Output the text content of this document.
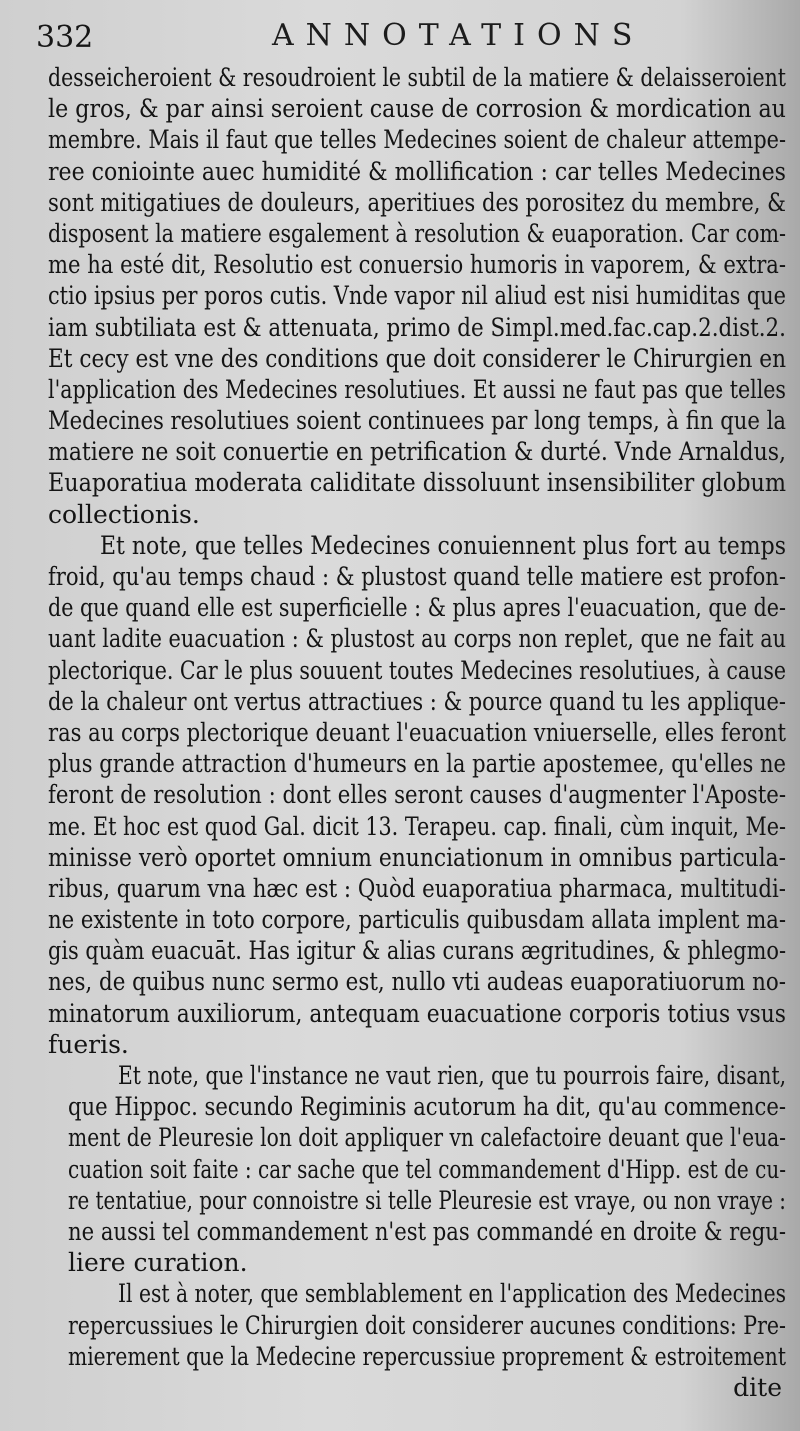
332	ANNOTATIONS
desseicheroient & resoudroient le subtil de la matiere & delaisseroient
le gros, & par ainsi seroient cause de corrosion & mordication au
membre. Mais il faut que telles Medecines soient de chaleur attempe-
ree coniointe auec humidité & mollification : car telles Medecines
sont mitigatiues de douleurs, aperitiues des porositez du membre, &
disposent la matiere esgalement à resolution & euaporation. Car com-
me ha esté dit, Resolutio est conuersio humoris in vaporem, & extra-
ctio ipsius per poros cutis. Vnde vapor nil aliud est nisi humiditas que
iam subtiliata est & attenuata, primo de Simpl.med.fac.cap.2.dist.2.
Et cecy est vne des conditions que doit considerer le Chirurgien en
l'application des Medecines resolutiues. Et aussi ne faut pas que telles
Medecines resolutiues soient continuees par long temps, à fin que la
matiere ne soit conuertie en petrification & durté. Vnde Arnaldus,
Euaporatiua moderata caliditate dissoluunt insensibiliter globum
collectionis.
Et note, que telles Medecines conuiennent plus fort au temps
froid, qu'au temps chaud : & plustost quand telle matiere est profon-
de que quand elle est superficielle : & plus apres l'euacuation, que de-
uant ladite euacuation : & plustost au corps non replet, que ne fait au
plectorique. Car le plus souuent toutes Medecines resolutiues, à cause
de la chaleur ont vertus attractiues : & pource quand tu les applique-
ras au corps plectorique deuant l'euacuation vniuerselle, elles feront
plus grande attraction d'humeurs en la partie apostemee, qu'elles ne
feront de resolution : dont elles seront causes d'augmenter l'Aposte-
me. Et hoc est quod Gal. dicit 13. Terapeu. cap. finali, cùm inquit, Me-
minisse verò oportet omnium enunciationum in omnibus particula-
ribus, quarum vna hæc est : Quòd euaporatiua pharmaca, multitudi-
ne existente in toto corpore, particulis quibusdam allata implent ma-
gis quàm euacuāt. Has igitur & alias curans ægritudines, & phlegmo-
nes, de quibus nunc sermo est, nullo vti audeas euaporatiuorum no-
minatorum auxiliorum, antequam euacuatione corporis totius vsus
fueris.
Et note, que l'instance ne vaut rien, que tu pourrois faire, disant,
que Hippoc. secundo Regiminis acutorum ha dit, qu'au commence-
ment de Pleuresie lon doit appliquer vn calefactoire deuant que l'eua-
cuation soit faite : car sache que tel commandement d'Hipp. est de cu-
re tentatiue, pour connoistre si telle Pleuresie est vraye, ou non vraye :
ne aussi tel commandement n'est pas commandé en droite & regu-
liere curation.
Il est à noter, que semblablement en l'application des Medecines
repercussiues le Chirurgien doit considerer aucunes conditions: Pre-
mierement que la Medecine repercussiue proprement & estroitement
dite
